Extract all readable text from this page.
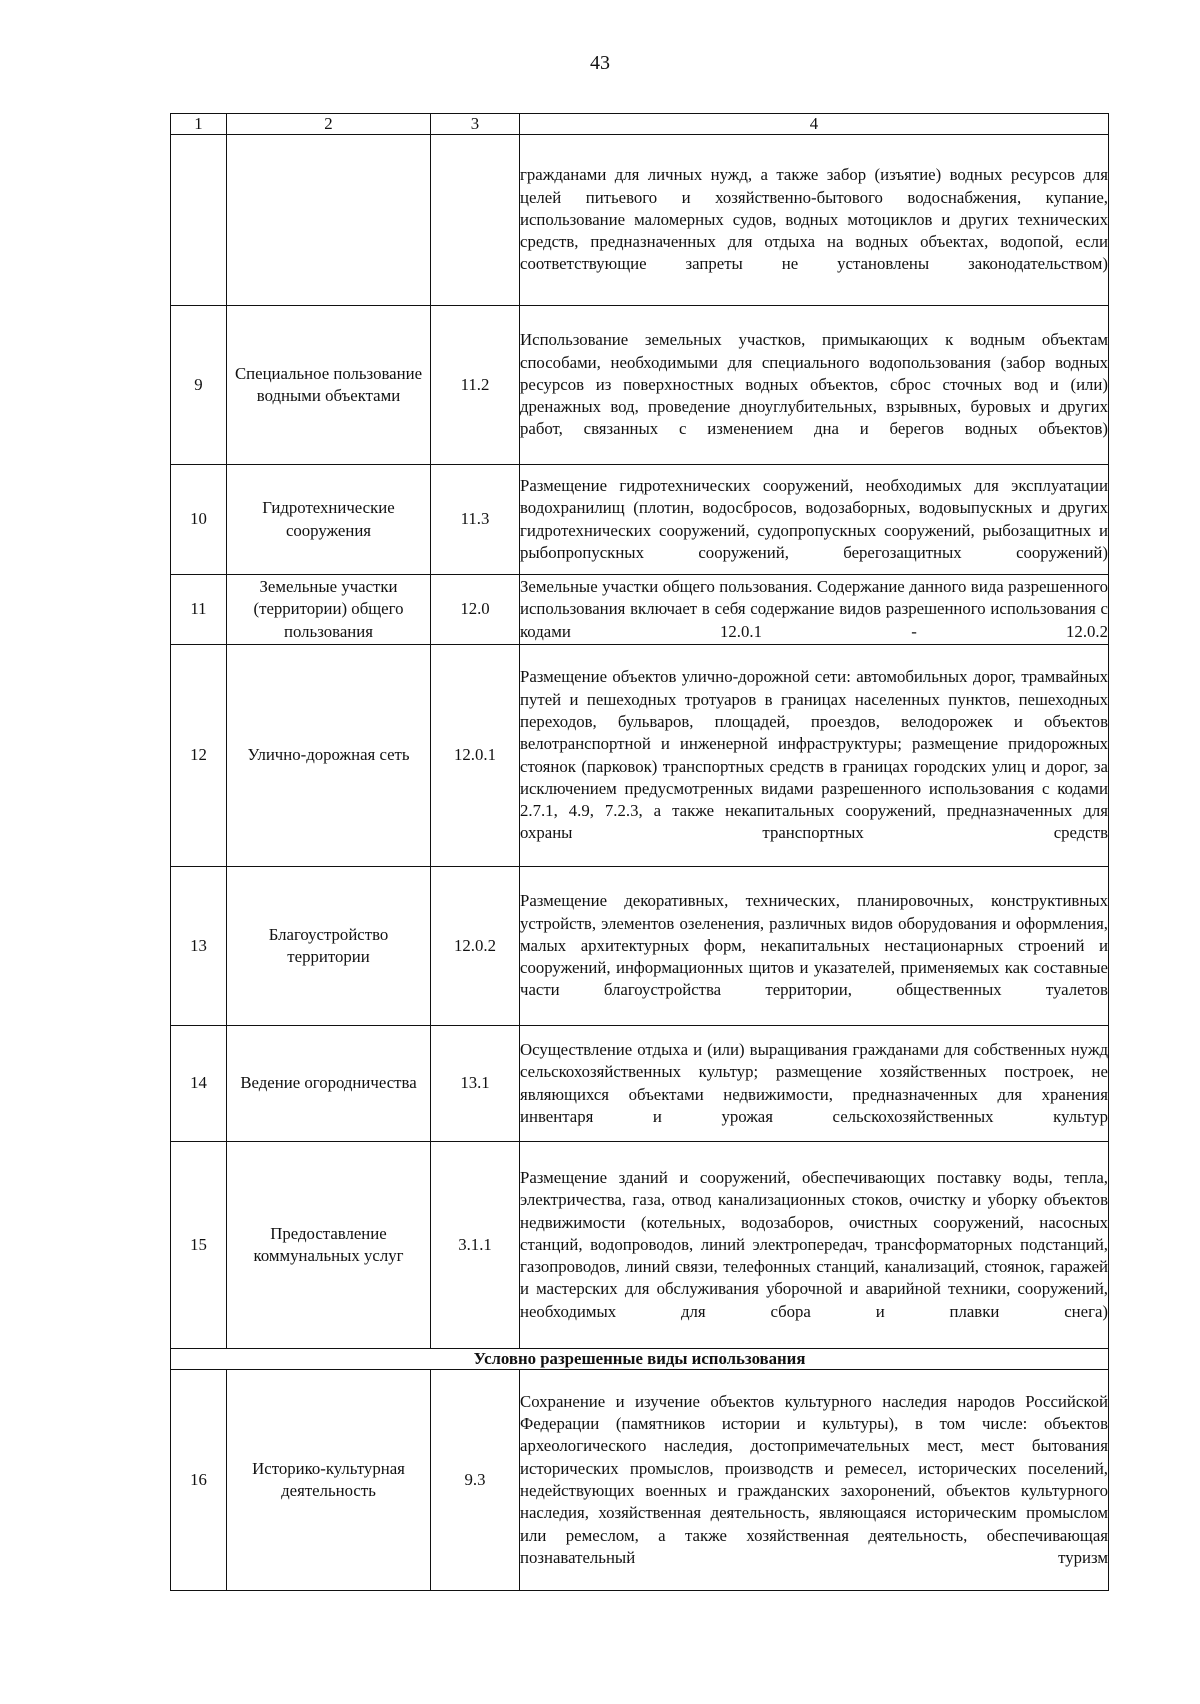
43
1	2	3	4
			гражданами для личных нужд, а также забор (изъятие) водных ресурсов для целей питьевого и хозяйственно-бытового водоснабжения, купание, использование маломерных судов, водных мотоциклов и других технических средств, предназначенных для отдыха на водных объектах, водопой, если соответствующие запреты не установлены законодательством)
9	Специальное пользование водными объектами	11.2	Использование земельных участков, примыкающих к водным объектам способами, необходимыми для специального водопользования (забор водных ресурсов из поверхностных водных объектов, сброс сточных вод и (или) дренажных вод, проведение дноуглубительных, взрывных, буровых и других работ, связанных с изменением дна и берегов водных объектов)
10	Гидротехнические сооружения	11.3	Размещение гидротехнических сооружений, необходимых для эксплуатации водохранилищ (плотин, водосбросов, водозаборных, водовыпускных и других гидротехнических сооружений, судопропускных сооружений, рыбозащитных и рыбопропускных сооружений, берегозащитных сооружений)
11	Земельные участки (территории) общего пользования	12.0	Земельные участки общего пользования. Содержание данного вида разрешенного использования включает в себя содержание видов разрешенного использования с кодами 12.0.1 - 12.0.2
12	Улично-дорожная сеть	12.0.1	Размещение объектов улично-дорожной сети: автомобильных дорог, трамвайных путей и пешеходных тротуаров в границах населенных пунктов, пешеходных переходов, бульваров, площадей, проездов, велодорожек и объектов велотранспортной и инженерной инфраструктуры; размещение придорожных стоянок (парковок) транспортных средств в границах городских улиц и дорог, за исключением предусмотренных видами разрешенного использования с кодами 2.7.1, 4.9, 7.2.3, а также некапитальных сооружений, предназначенных для охраны транспортных средств
13	Благоустройство территории	12.0.2	Размещение декоративных, технических, планировочных, конструктивных устройств, элементов озеленения, различных видов оборудования и оформления, малых архитектурных форм, некапитальных нестационарных строений и сооружений, информационных щитов и указателей, применяемых как составные части благоустройства территории, общественных туалетов
14	Ведение огородничества	13.1	Осуществление отдыха и (или) выращивания гражданами для собственных нужд сельскохозяйственных культур; размещение хозяйственных построек, не являющихся объектами недвижимости, предназначенных для хранения инвентаря и урожая сельскохозяйственных культур
15	Предоставление коммунальных услуг	3.1.1	Размещение зданий и сооружений, обеспечивающих поставку воды, тепла, электричества, газа, отвод канализационных стоков, очистку и уборку объектов недвижимости (котельных, водозаборов, очистных сооружений, насосных станций, водопроводов, линий электропередач, трансформаторных подстанций, газопроводов, линий связи, телефонных станций, канализаций, стоянок, гаражей и мастерских для обслуживания уборочной и аварийной техники, сооружений, необходимых для сбора и плавки снега)
Условно разрешенные виды использования			
16	Историко-культурная деятельность	9.3	Сохранение и изучение объектов культурного наследия народов Российской Федерации (памятников истории и культуры), в том числе: объектов археологического наследия, достопримечательных мест, мест бытования исторических промыслов, производств и ремесел, исторических поселений, недействующих военных и гражданских захоронений, объектов культурного наследия, хозяйственная деятельность, являющаяся историческим промыслом или ремеслом, а также хозяйственная деятельность, обеспечивающая познавательный туризм
